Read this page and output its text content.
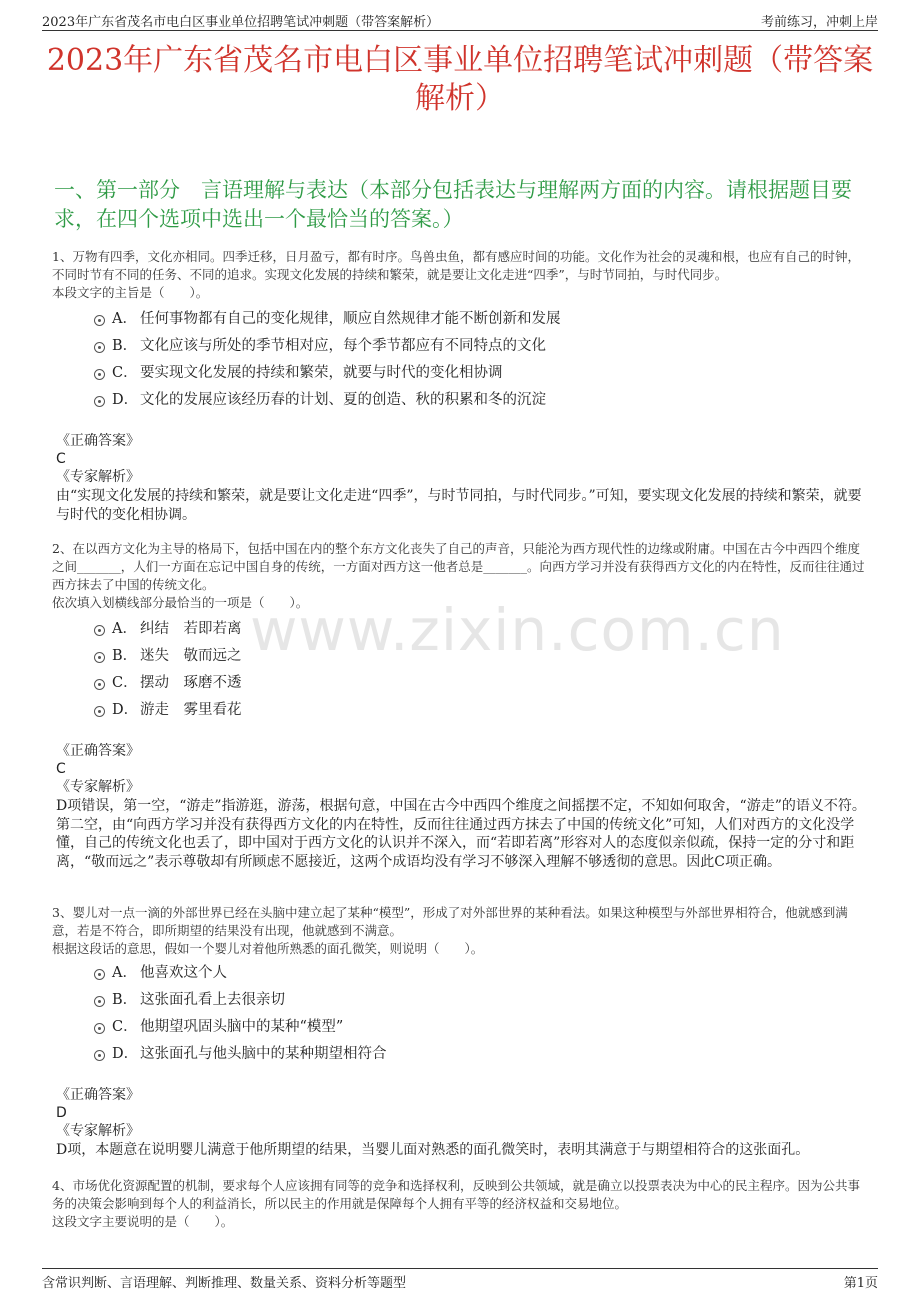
2023年广东省茂名市电白区事业单位招聘笔试冲刺题（带答案解析）	考前练习，冲刺上岸
2023年广东省茂名市电白区事业单位招聘笔试冲刺题（带答案解析）
一、第一部分　言语理解与表达（本部分包括表达与理解两方面的内容。请根据题目要求，在四个选项中选出一个最恰当的答案。）
www.zixin.com.cn
1、万物有四季，文化亦相同。四季迁移，日月盈亏，都有时序。鸟兽虫鱼，都有感应时间的功能。文化作为社会的灵魂和根，也应有自己的时钟，不同时节有不同的任务、不同的追求。实现文化发展的持续和繁荣，就是要让文化走进“四季”，与时节同拍，与时代同步。
本段文字的主旨是（　　）。
A． 任何事物都有自己的变化规律，顺应自然规律才能不断创新和发展
B． 文化应该与所处的季节相对应，每个季节都应有不同特点的文化
C． 要实现文化发展的持续和繁荣，就要与时代的变化相协调
D． 文化的发展应该经历春的计划、夏的创造、秋的积累和冬的沉淀
《正确答案》
C
《专家解析》
由“实现文化发展的持续和繁荣，就是要让文化走进“四季”，与时节同拍，与时代同步。”可知，要实现文化发展的持续和繁荣，就要与时代的变化相协调。
2、在以西方文化为主导的格局下，包括中国在内的整个东方文化丧失了自己的声音，只能沦为西方现代性的边缘或附庸。中国在古今中西四个维度之间_______，人们一方面在忘记中国自身的传统，一方面对西方这一他者总是_______。向西方学习并没有获得西方文化的内在特性，反而往往通过西方抹去了中国的传统文化。
依次填入划横线部分最恰当的一项是（　　）。
A． 纠结　若即若离
B． 迷失　敬而远之
C． 摆动　琢磨不透
D． 游走　雾里看花
《正确答案》
C
《专家解析》
D项错误，第一空，“游走”指游逛，游荡，根据句意，中国在古今中西四个维度之间摇摆不定，不知如何取舍，“游走”的语义不符。第二空，由“向西方学习并没有获得西方文化的内在特性，反而往往通过西方抹去了中国的传统文化”可知，人们对西方的文化没学懂，自己的传统文化也丢了，即中国对于西方文化的认识并不深入，而“若即若离”形容对人的态度似亲似疏，保持一定的分寸和距离，“敬而远之”表示尊敬却有所顾虑不愿接近，这两个成语均没有学习不够深入理解不够透彻的意思。因此C项正确。
3、婴儿对一点一滴的外部世界已经在头脑中建立起了某种“模型”，形成了对外部世界的某种看法。如果这种模型与外部世界相符合，他就感到满意，若是不符合，即所期望的结果没有出现，他就感到不满意。
根据这段话的意思，假如一个婴儿对着他所熟悉的面孔微笑，则说明（　　）。
A． 他喜欢这个人
B． 这张面孔看上去很亲切
C． 他期望巩固头脑中的某种“模型”
D． 这张面孔与他头脑中的某种期望相符合
《正确答案》
D
《专家解析》
D项，本题意在说明婴儿满意于他所期望的结果，当婴儿面对熟悉的面孔微笑时，表明其满意于与期望相符合的这张面孔。
4、市场优化资源配置的机制，要求每个人应该拥有同等的竞争和选择权利，反映到公共领域，就是确立以投票表决为中心的民主程序。因为公共事务的决策会影响到每个人的利益消长，所以民主的作用就是保障每个人拥有平等的经济权益和交易地位。
这段文字主要说明的是（　　）。
含常识判断、言语理解、判断推理、数量关系、资料分析等题型	第1页
